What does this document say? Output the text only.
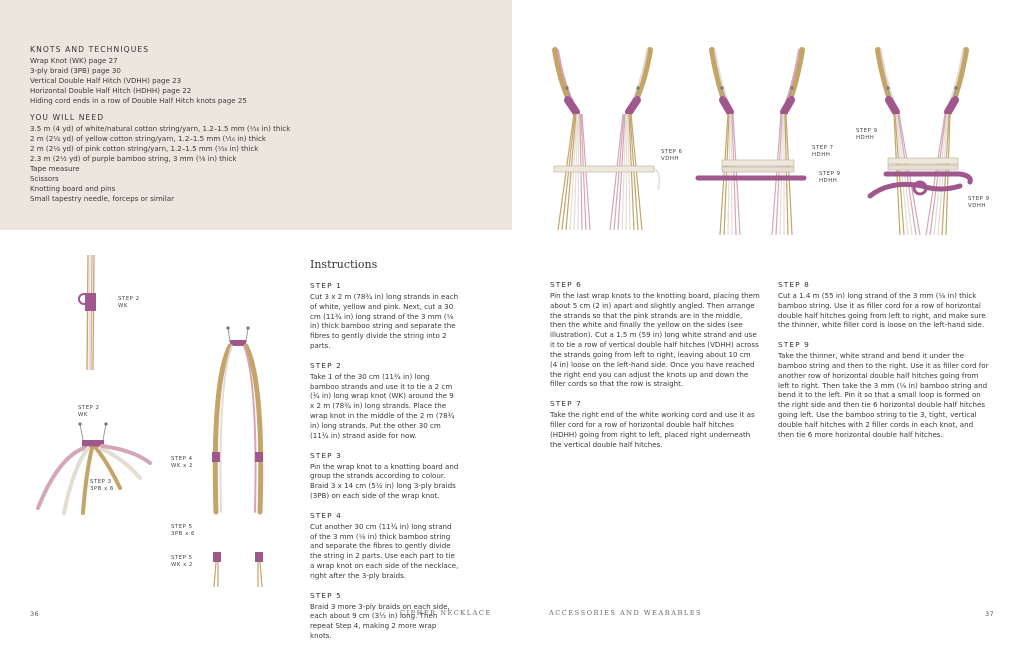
KNOTS AND TECHNIQUES
Wrap Knot (WK) page 27
3-ply braid (3PB) page 30
Vertical Double Half Hitch (VDHH) page 23
Horizontal Double Half Hitch (HDHH) page 22
Hiding cord ends in a row of Double Half Hitch knots page 25
YOU WILL NEED
3.5 m (4 yd) of white/natural cotton string/yarn, 1.2–1.5 mm (¹⁄₁₆ in) thick
2 m (2¹⁄₄ yd) of yellow cotton string/yarn, 1.2–1.5 mm (¹⁄₁₆ in) thick
2 m (2¹⁄₄ yd) of pink cotton string/yarn, 1.2–1.5 mm (¹⁄₁₆ in) thick
2.3 m (2¹⁄₂ yd) of purple bamboo string, 3 mm (¹⁄₈ in) thick
Tape measure
Scissors
Knotting board and pins
Small tapestry needle, forceps or similar
STEP 6
VDHH
STEP 7
HDHH
STEP 9
HDHH
STEP 9
HDHH
STEP 9
VDHH
STEP 2
WK
STEP 2
WK
STEP 3
3PB x 6
STEP 4
WK x 2
STEP 5
3PB x 6
STEP 5
WK x 2
Instructions
STEP 1
Cut 3 x 2 m (78¾ in) long strands in each of white, yellow and pink. Next, cut a 30 cm (11¾ in) long strand of the 3 mm (⅛ in) thick bamboo string and separate the fibres to gently divide the string into 2 parts.
STEP 2
Take 1 of the 30 cm (11¾ in) long bamboo strands and use it to tie a 2 cm (¾ in) long wrap knot (WK) around the 9 x 2 m (78¾ in) long strands. Place the wrap knot in the middle of the 2 m (78¾ in) long strands. Put the other 30 cm (11¾ in) strand aside for now.
STEP 3
Pin the wrap knot to a knotting board and group the strands according to colour. Braid 3 x 14 cm (5½ in) long 3-ply braids (3PB) on each side of the wrap knot.
STEP 4
Cut another 30 cm (11¾ in) long strand of the 3 mm (⅛ in) thick bamboo string and separate the fibres to gently divide the string in 2 parts. Use each part to tie a wrap knot on each side of the necklace, right after the 3-ply braids.
STEP 5
Braid 3 more 3-ply braids on each side, each about 9 cm (3½ in) long. Then repeat Step 4, making 2 more wrap knots.
STEP 6
Pin the last wrap knots to the knotting board, placing them about 5 cm (2 in) apart and slightly angled. Then arrange the strands so that the pink strands are in the middle, then the white and finally the yellow on the sides (see illustration). Cut a 1.5 m (59 in) long white strand and use it to tie a row of vertical double half hitches (VDHH) across the strands going from left to right, leaving about 10 cm (4 in) loose on the left-hand side. Once you have reached the right end you can adjust the knots up and down the filler cords so that the row is straight.
STEP 7
Take the right end of the white working cord and use it as filler cord for a row of horizontal double half hitches (HDHH) going from right to left, placed right underneath the vertical double half hitches.
STEP 8
Cut a 1.4 m (55 in) long strand of the 3 mm (⅛ in) thick bamboo string. Use it as filler cord for a row of horizontal double half hitches going from left to right, and make sure the thinner, white filler cord is loose on the left-hand side.
STEP 9
Take the thinner, white strand and bend it under the bamboo string and then to the right. Use it as filler cord for another row of horizontal double half hitches going from left to right. Then take the 3 mm (⅛ in) bamboo string and bend it to the left. Pin it so that a small loop is formed on the right side and then tie 6 horizontal double half hitches going left. Use the bamboo string to tie 3, tight, vertical double half hitches with 2 filler cords in each knot, and then tie 6 more horizontal double half hitches.
36	CIPHER NECKLACE	ACCESSORIES AND WEARABLES	37
